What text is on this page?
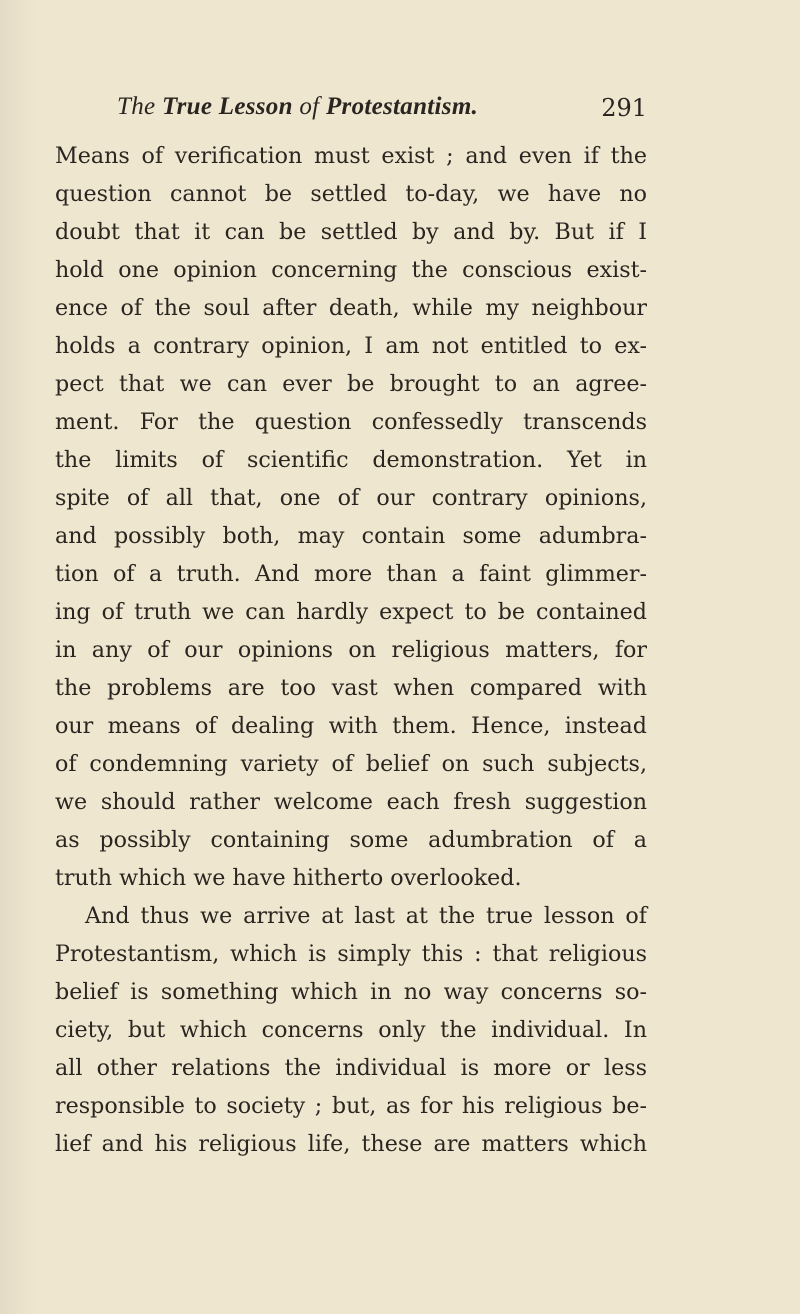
The True Lesson of Protestantism.	291
Means of verification must exist ; and even if the
question cannot be settled to-day, we have no
doubt that it can be settled by and by. But if I
hold one opinion concerning the conscious exist-
ence of the soul after death, while my neighbour
holds a contrary opinion, I am not entitled to ex-
pect that we can ever be brought to an agree-
ment. For the question confessedly transcends
the limits of scientific demonstration. Yet in
spite of all that, one of our contrary opinions,
and possibly both, may contain some adumbra-
tion of a truth. And more than a faint glimmer-
ing of truth we can hardly expect to be contained
in any of our opinions on religious matters, for
the problems are too vast when compared with
our means of dealing with them. Hence, instead
of condemning variety of belief on such subjects,
we should rather welcome each fresh suggestion
as possibly containing some adumbration of a
truth which we have hitherto overlooked.
And thus we arrive at last at the true lesson of
Protestantism, which is simply this : that religious
belief is something which in no way concerns so-
ciety, but which concerns only the individual. In
all other relations the individual is more or less
responsible to society ; but, as for his religious be-
lief and his religious life, these are matters which
